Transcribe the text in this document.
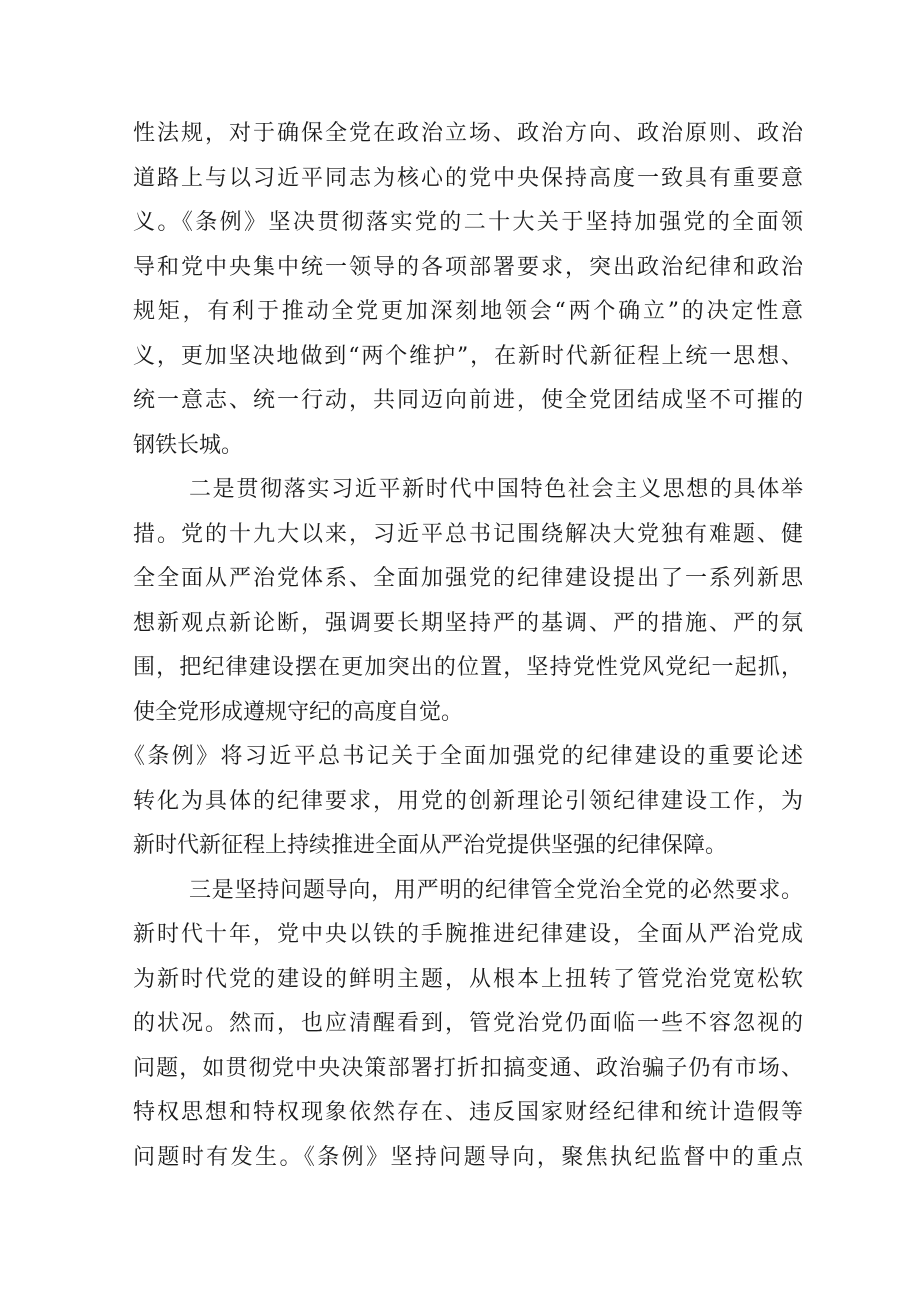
性法规，对于确保全党在政治立场、政治方向、政治原则、政治
道路上与以习近平同志为核心的党中央保持高度一致具有重要意
义。《条例》坚决贯彻落实党的二十大关于坚持加强党的全面领
导和党中央集中统一领导的各项部署要求，突出政治纪律和政治
规矩，有利于推动全党更加深刻地领会“两个确立”的决定性意
义，更加坚决地做到“两个维护”，在新时代新征程上统一思想、
统一意志、统一行动，共同迈向前进，使全党团结成坚不可摧的
钢铁长城。
二是贯彻落实习近平新时代中国特色社会主义思想的具体举
措。党的十九大以来，习近平总书记围绕解决大党独有难题、健
全全面从严治党体系、全面加强党的纪律建设提出了一系列新思
想新观点新论断，强调要长期坚持严的基调、严的措施、严的氛
围，把纪律建设摆在更加突出的位置，坚持党性党风党纪一起抓，
使全党形成遵规守纪的高度自觉。
《条例》将习近平总书记关于全面加强党的纪律建设的重要论述
转化为具体的纪律要求，用党的创新理论引领纪律建设工作，为
新时代新征程上持续推进全面从严治党提供坚强的纪律保障。
三是坚持问题导向，用严明的纪律管全党治全党的必然要求。
新时代十年，党中央以铁的手腕推进纪律建设，全面从严治党成
为新时代党的建设的鲜明主题，从根本上扭转了管党治党宽松软
的状况。然而，也应清醒看到，管党治党仍面临一些不容忽视的
问题，如贯彻党中央决策部署打折扣搞变通、政治骗子仍有市场、
特权思想和特权现象依然存在、违反国家财经纪律和统计造假等
问题时有发生。《条例》坚持问题导向，聚焦执纪监督中的重点
